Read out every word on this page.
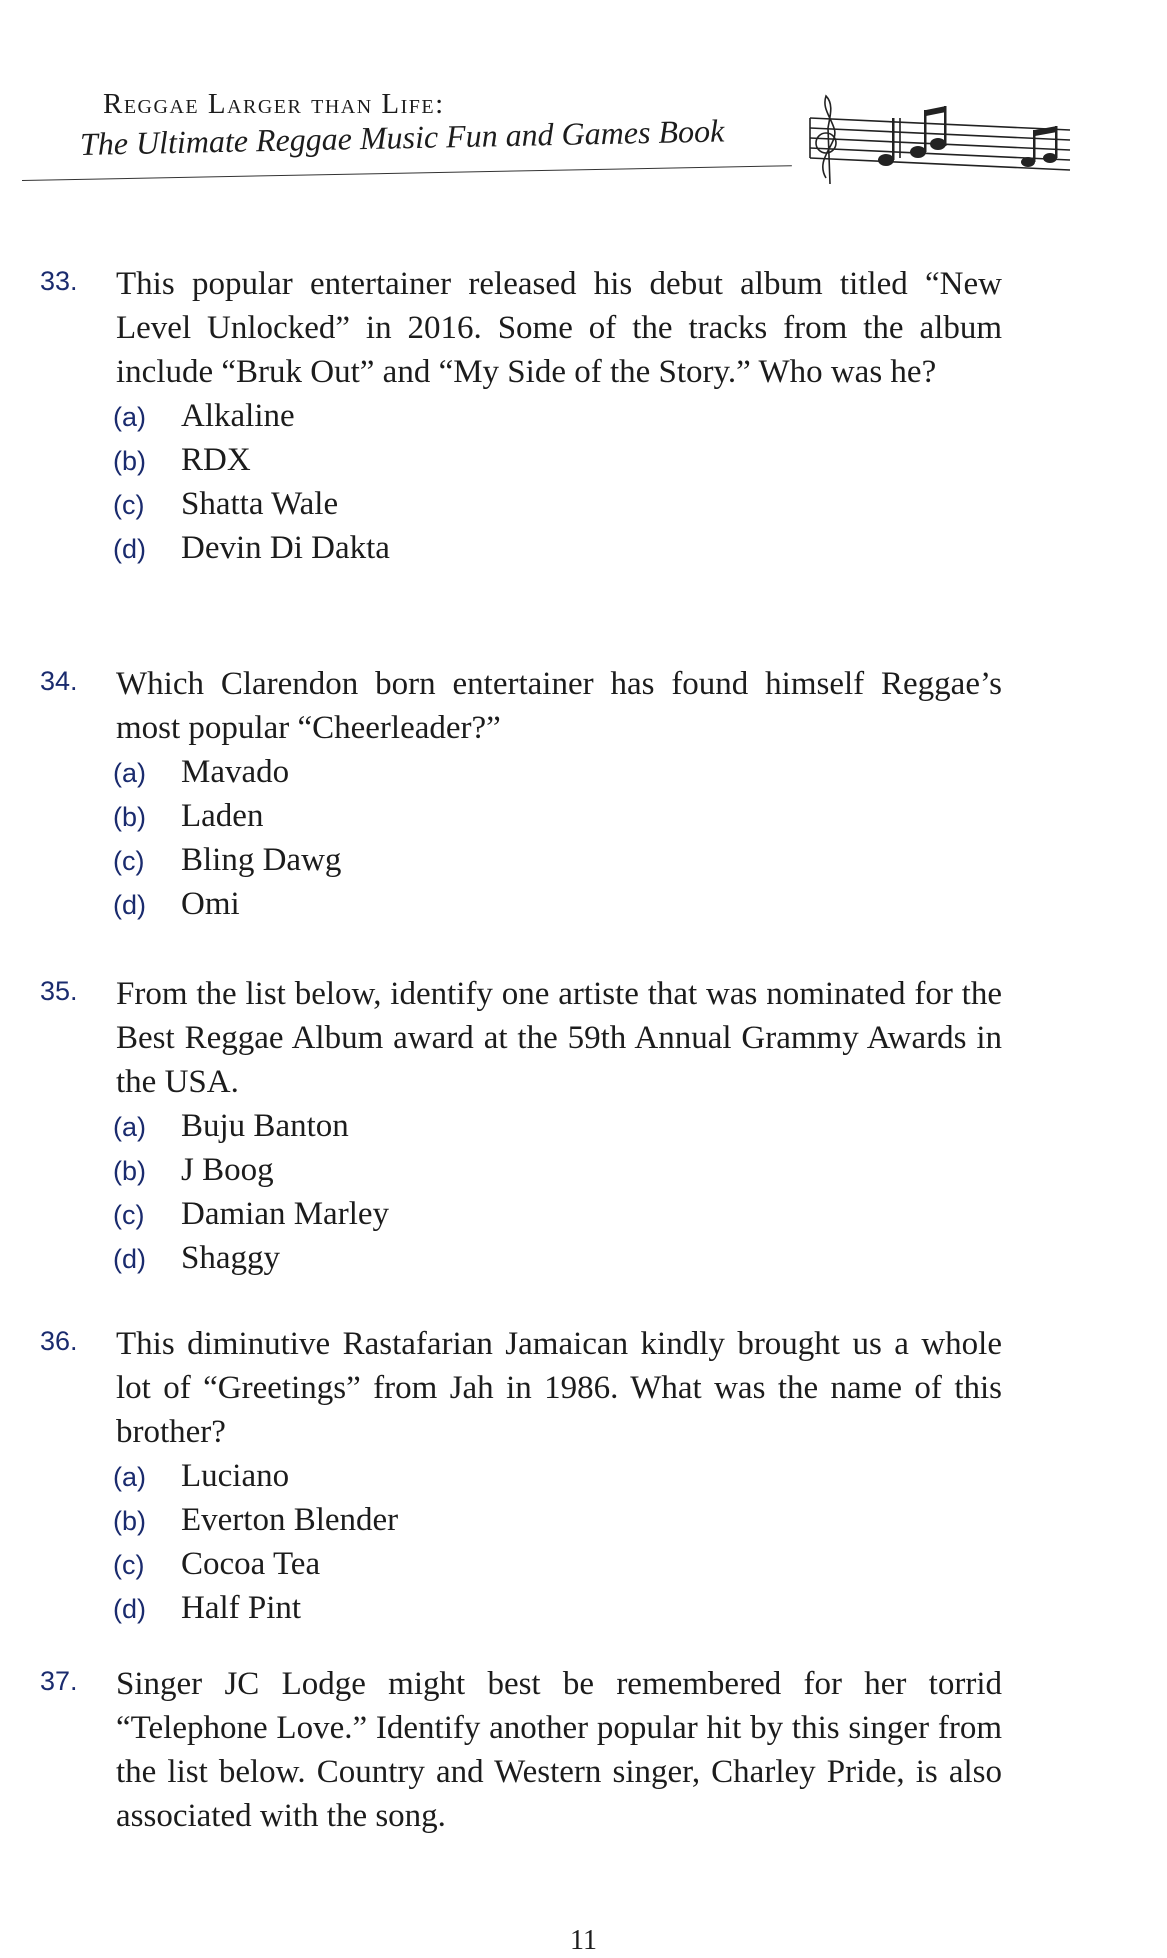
Reggae Larger than Life:
The Ultimate Reggae Music Fun and Games Book
33. This popular entertainer released his debut album titled “New Level Unlocked” in 2016. Some of the tracks from the album include “Bruk Out” and “My Side of the Story.” Who was he?
(a) Alkaline
(b) RDX
(c) Shatta Wale
(d) Devin Di Dakta
34. Which Clarendon born entertainer has found himself Reggae’s most popular “Cheerleader?”
(a) Mavado
(b) Laden
(c) Bling Dawg
(d) Omi
35. From the list below, identify one artiste that was nominated for the Best Reggae Album award at the 59th Annual Grammy Awards in the USA.
(a) Buju Banton
(b) J Boog
(c) Damian Marley
(d) Shaggy
36. This diminutive Rastafarian Jamaican kindly brought us a whole lot of “Greetings” from Jah in 1986. What was the name of this brother?
(a) Luciano
(b) Everton Blender
(c) Cocoa Tea
(d) Half Pint
37. Singer JC Lodge might best be remembered for her torrid “Telephone Love.” Identify another popular hit by this singer from the list below. Country and Western singer, Charley Pride, is also associated with the song.
11
